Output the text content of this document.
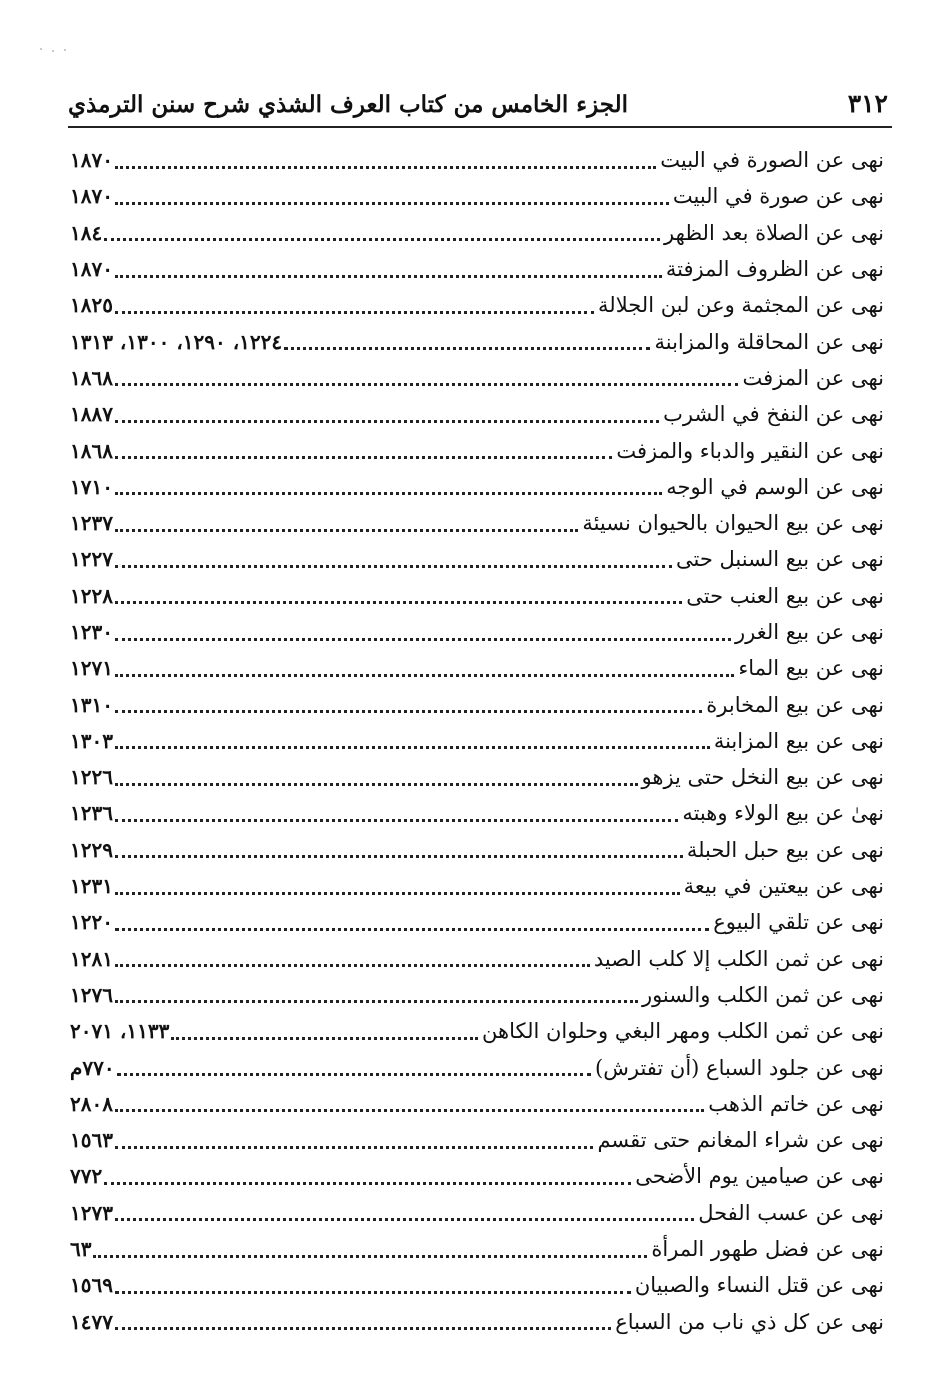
الجزء الخامس من كتاب العرف الشذي شرح سنن الترمذي	٣١٢
نهى عن الصورة في البيت
١٨٧٠
نهى عن صورة في البيت
١٨٧٠
نهى عن الصلاة بعد الظهر
١٨٤
نهى عن الظروف المزفتة
١٨٧٠
نهى عن المجثمة وعن لبن الجلالة
١٨٢٥
نهى عن المحاقلة والمزابنة
١٢٢٤، ١٢٩٠، ١٣٠٠، ١٣١٣
نهى عن المزفت
١٨٦٨
نهى عن النفخ في الشرب
١٨٨٧
نهى عن النقير والدباء والمزفت
١٨٦٨
نهى عن الوسم في الوجه
١٧١٠
نهى عن بيع الحيوان بالحيوان نسيئة
١٢٣٧
نهى عن بيع السنبل حتى
١٢٢٧
نهى عن بيع العنب حتى
١٢٢٨
نهى عن بيع الغرر
١٢٣٠
نهى عن بيع الماء
١٢٧١
نهى عن بيع المخابرة
١٣١٠
نهى عن بيع المزابنة
١٣٠٣
نهى عن بيع النخل حتى يزهو
١٢٢٦
نهىٰ عن بيع الولاء وهبته
١٢٣٦
نهى عن بيع حبل الحبلة
١٢٢٩
نهى عن بيعتين في بيعة
١٢٣١
نهى عن تلقي البيوع
١٢٢٠
نهى عن ثمن الكلب إلا كلب الصيد
١٢٨١
نهى عن ثمن الكلب والسنور
١٢٧٦
نهى عن ثمن الكلب ومهر البغي وحلوان الكاهن
١١٣٣، ٢٠٧١
نهى عن جلود السباع (أن تفترش)
٧٧٠م
نهى عن خاتم الذهب
٢٨٠٨
نهى عن شراء المغانم حتى تقسم
١٥٦٣
نهى عن صيامين يوم الأضحى
٧٧٢
نهى عن عسب الفحل
١٢٧٣
نهى عن فضل طهور المرأة
٦٣
نهى عن قتل النساء والصبيان
١٥٦٩
نهى عن كل ذي ناب من السباع
١٤٧٧
